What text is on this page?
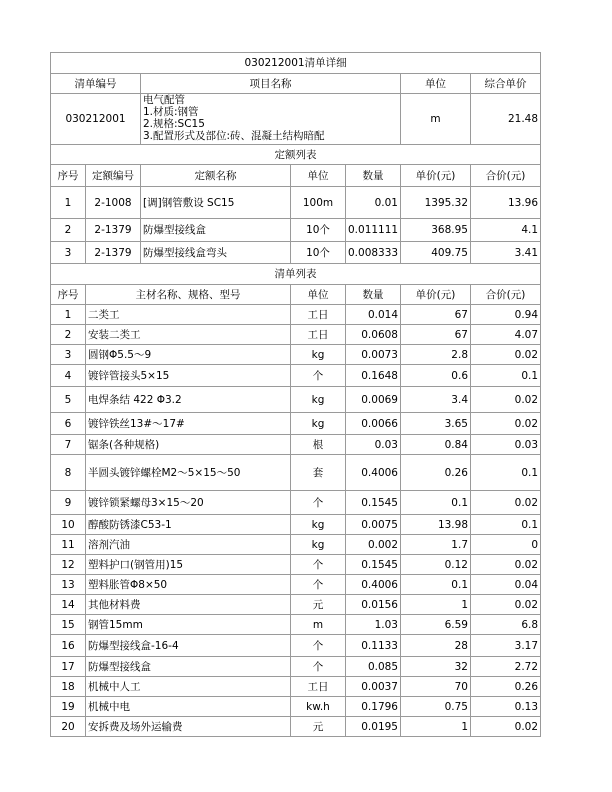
030212001清单详细						
清单编号		项目名称			单位	综合单价
030212001		电气配管
1.材质:钢管
2.规格:SC15
3.配置形式及部位:砖、混凝土结构暗配			m	21.48
定额列表						
序号	定额编号	定额名称	单位	数量	单价(元)	合价(元)
1	2-1008	[调]钢管敷设 SC15	100m	0.01	1395.32	13.96
2	2-1379	防爆型接线盒	10个	0.011111	368.95	4.1
3	2-1379	防爆型接线盒弯头	10个	0.008333	409.75	3.41
清单列表						
序号	主材名称、规格、型号		单位	数量	单价(元)	合价(元)
1	二类工		工日	0.014	67	0.94
2	安装二类工		工日	0.0608	67	4.07
3	圆钢Φ5.5～9		kg	0.0073	2.8	0.02
4	镀锌管接头5×15		个	0.1648	0.6	0.1
5	电焊条结 422 Φ3.2		kg	0.0069	3.4	0.02
6	镀锌铁丝13#～17#		kg	0.0066	3.65	0.02
7	锯条(各种规格)		根	0.03	0.84	0.03
8	半圆头镀锌螺栓M2～5×15～50		套	0.4006	0.26	0.1
9	镀锌锁紧螺母3×15～20		个	0.1545	0.1	0.02
10	醇酸防锈漆C53-1		kg	0.0075	13.98	0.1
11	溶剂汽油		kg	0.002	1.7	0
12	塑料护口(钢管用)15		个	0.1545	0.12	0.02
13	塑料胀管Φ8×50		个	0.4006	0.1	0.04
14	其他材料费		元	0.0156	1	0.02
15	钢管15mm		m	1.03	6.59	6.8
16	防爆型接线盒-16-4		个	0.1133	28	3.17
17	防爆型接线盒		个	0.085	32	2.72
18	机械中人工		工日	0.0037	70	0.26
19	机械中电		kw.h	0.1796	0.75	0.13
20	安拆费及场外运输费		元	0.0195	1	0.02
